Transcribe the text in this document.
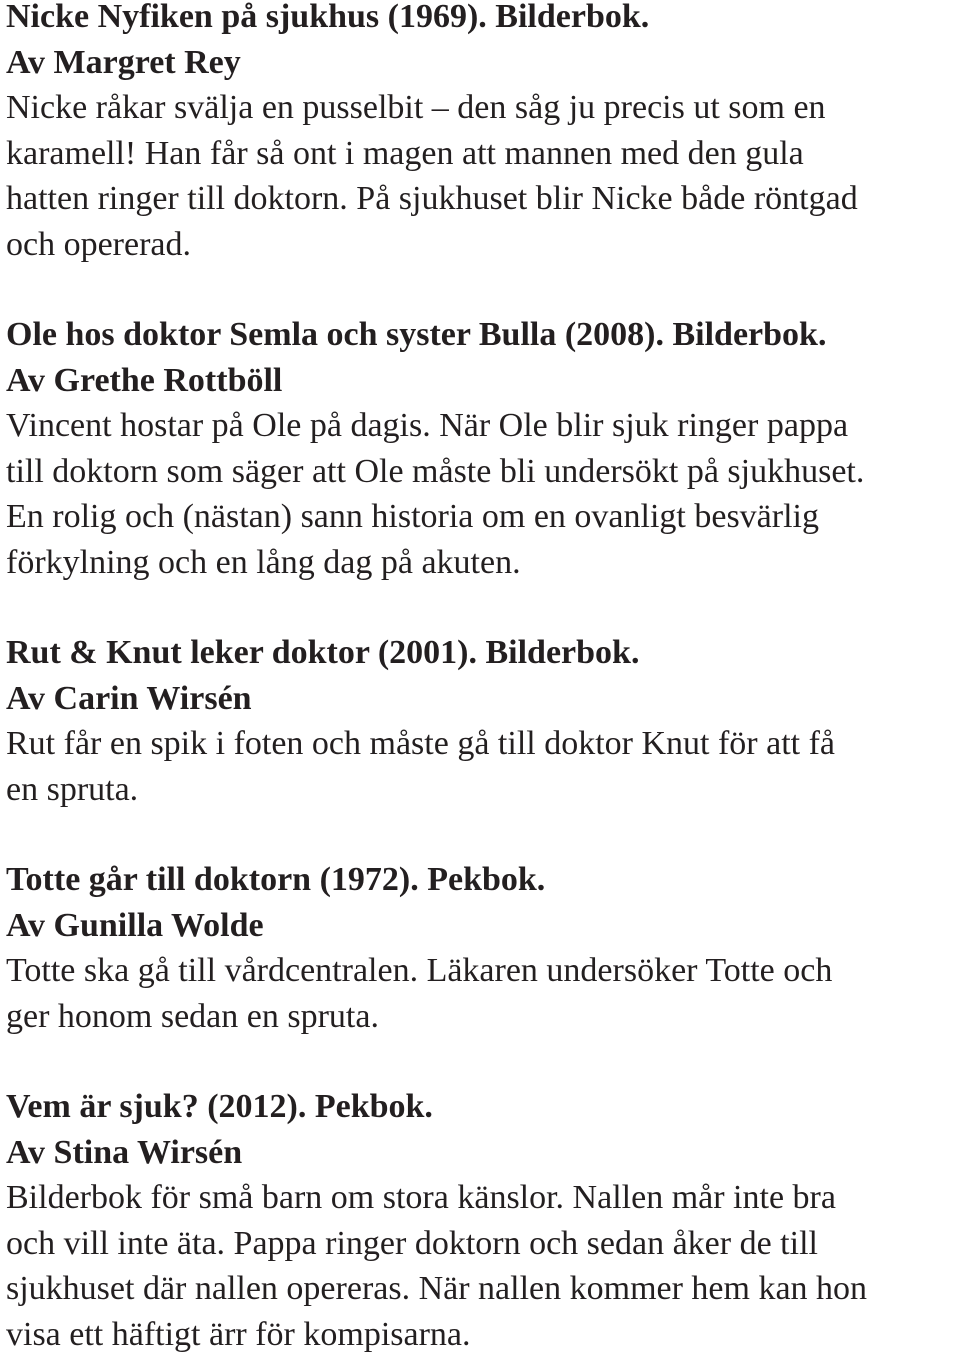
Nicke Nyfiken på sjukhus (1969). Bilderbok.

Av Margret Rey

Nicke råkar svälja en pusselbit – den såg ju precis ut som en

karamell! Han får så ont i magen att mannen med den gula

hatten ringer till doktorn. På sjukhuset blir Nicke både röntgad

och opererad.

Ole hos doktor Semla och syster Bulla (2008). Bilderbok.

Av Grethe Rottböll

Vincent hostar på Ole på dagis. När Ole blir sjuk ringer pappa

till doktorn som säger att Ole måste bli undersökt på sjukhuset.

En rolig och (nästan) sann historia om en ovanligt besvärlig

förkylning och en lång dag på akuten.

Rut & Knut leker doktor (2001). Bilderbok.

Av Carin Wirsén

Rut får en spik i foten och måste gå till doktor Knut för att få

en spruta.

Totte går till doktorn (1972). Pekbok.

Av Gunilla Wolde

Totte ska gå till vårdcentralen. Läkaren undersöker Totte och

ger honom sedan en spruta.

Vem är sjuk? (2012). Pekbok.

Av Stina Wirsén

Bilderbok för små barn om stora känslor. Nallen mår inte bra

och vill inte äta. Pappa ringer doktorn och sedan åker de till

sjukhuset där nallen opereras. När nallen kommer hem kan hon

visa ett häftigt ärr för kompisarna.
